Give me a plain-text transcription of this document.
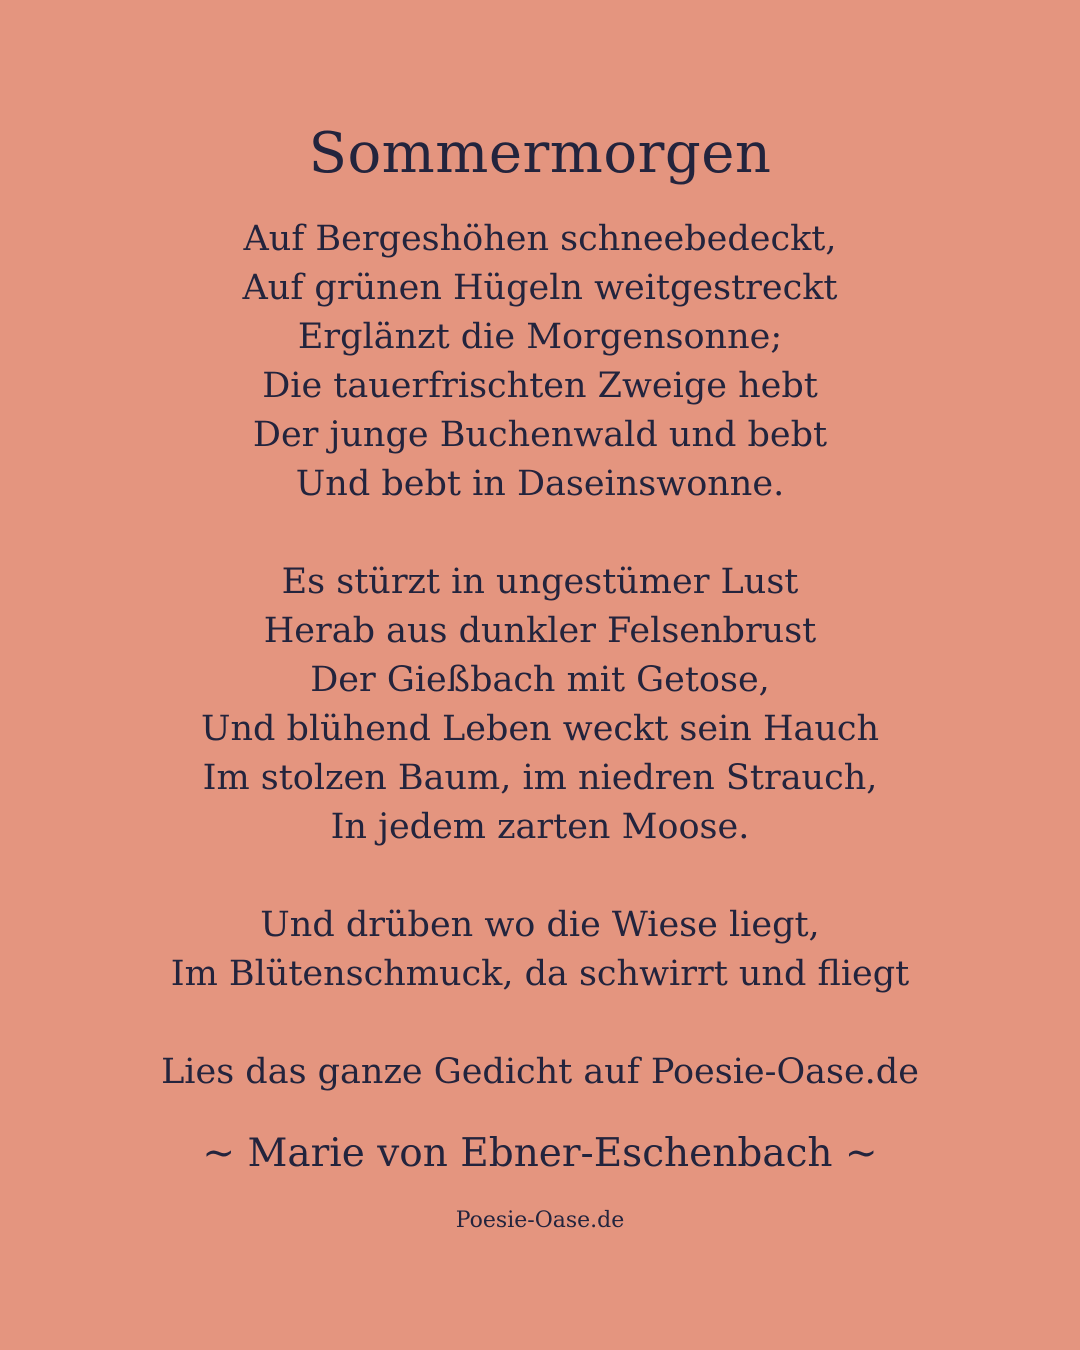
Sommermorgen
Auf Bergeshöhen schneebedeckt,
Auf grünen Hügeln weitgestreckt
Erglänzt die Morgensonne;
Die tauerfrischten Zweige hebt
Der junge Buchenwald und bebt
Und bebt in Daseinswonne.
Es stürzt in ungestümer Lust
Herab aus dunkler Felsenbrust
Der Gießbach mit Getose,
Und blühend Leben weckt sein Hauch
Im stolzen Baum, im niedren Strauch,
In jedem zarten Moose.
Und drüben wo die Wiese liegt,
Im Blütenschmuck, da schwirrt und fliegt
Lies das ganze Gedicht auf Poesie-Oase.de
~ Marie von Ebner-Eschenbach ~
Poesie-Oase.de
